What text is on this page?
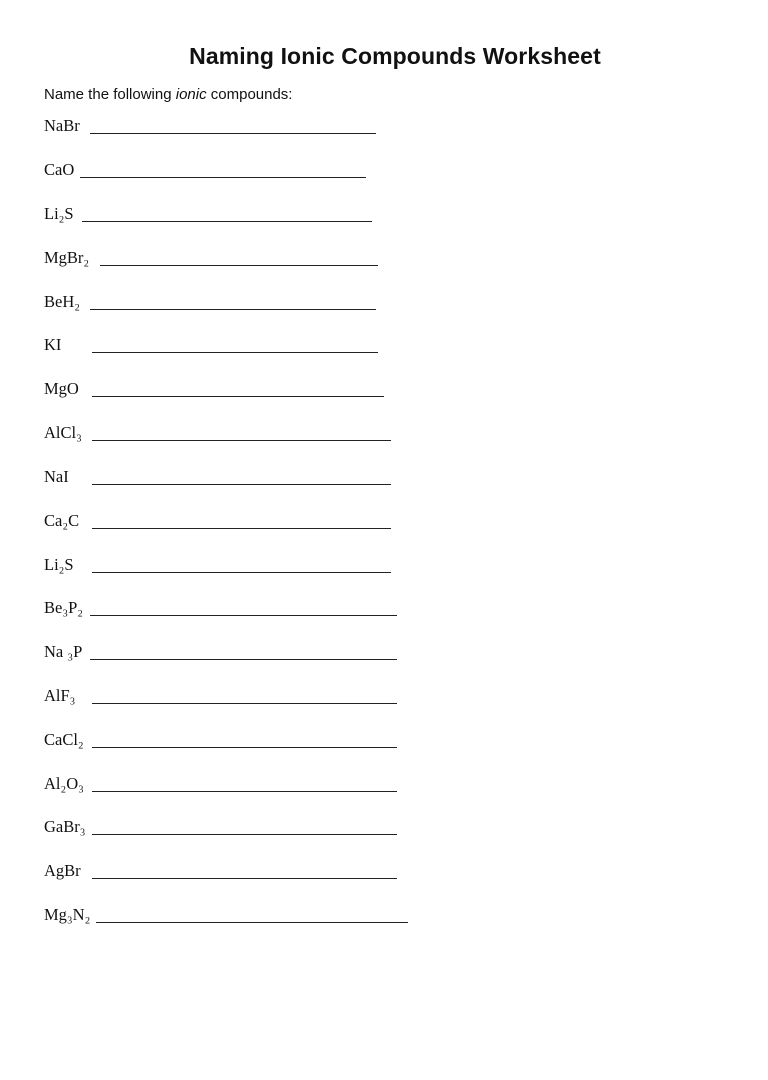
Naming Ionic Compounds Worksheet
Name the following ionic compounds:
NaBr
CaO
Li₂S
MgBr₂
BeH₂
KI
MgO
AlCl₃
NaI
Ca₂C
Li₂S
Be₃P₂
Na ₃P
AlF₃
CaCl₂
Al₂O₃
GaBr₃
AgBr
Mg₃N₂
